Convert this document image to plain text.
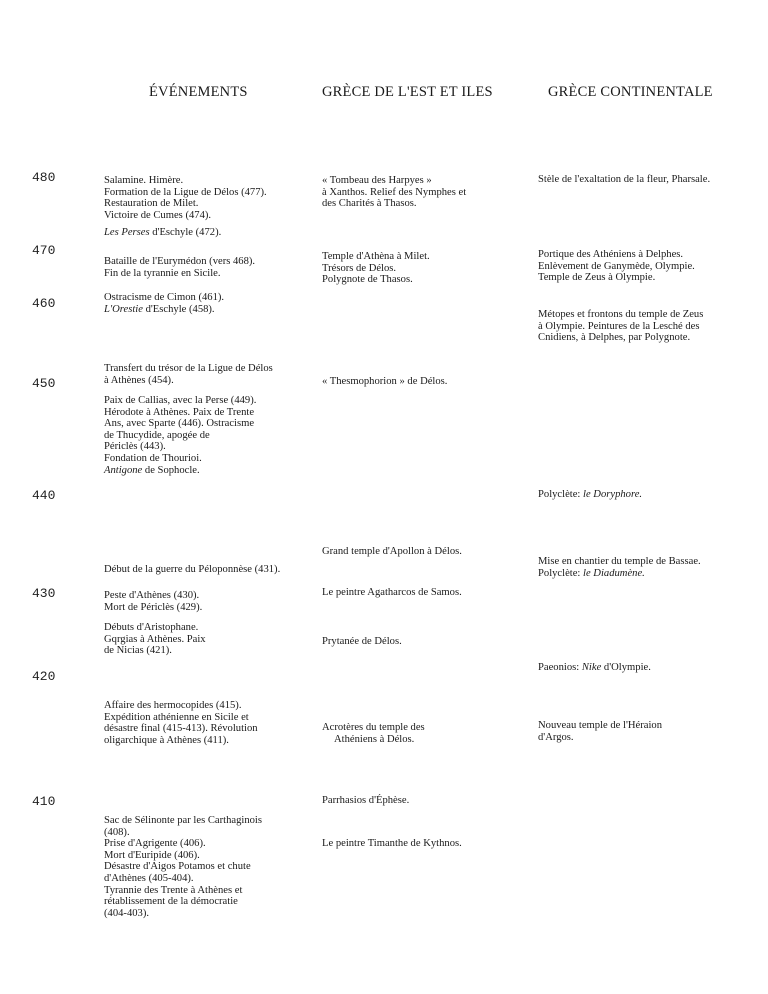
ÉVÉNEMENTS	GRÈCE DE L'EST ET ILES	GRÈCE CONTINENTALE
480
470
460
450
440
430
420
410
Salamine. Himère.
Formation de la Ligue de Délos (477).
Restauration de Milet.
Victoire de Cumes (474).
Les Perses d'Eschyle (472).
Bataille de l'Eurymédon (vers 468).
Fin de la tyrannie en Sicile.
Ostracisme de Cimon (461).
L'Orestie d'Eschyle (458).
Transfert du trésor de la Ligue de Délos
à Athènes (454).
Paix de Callias, avec la Perse (449).
Hérodote à Athènes. Paix de Trente
Ans, avec Sparte (446). Ostracisme
de Thucydide, apogée de
Périclès (443).
Fondation de Thourioi.
Antigone de Sophocle.
Début de la guerre du Péloponnèse (431).
Peste d'Athènes (430).
Mort de Périclès (429).
Débuts d'Aristophane.
Gqrgias à Athènes. Paix
de Nicias (421).
Affaire des hermocopides (415).
Expédition athénienne en Sicile et
désastre final (415-413). Révolution
oligarchique à Athènes (411).
Sac de Sélinonte par les Carthaginois
(408).
Prise d'Agrigente (406).
Mort d'Euripide (406).
Désastre d'Aigos Potamos et chute
d'Athènes (405-404).
Tyrannie des Trente à Athènes et
rétablissement de la démocratie
(404-403).
« Tombeau des Harpyes »
à Xanthos. Relief des Nymphes et
des Charités à Thasos.
Temple d'Athèna à Milet.
Trésors de Délos.
Polygnote de Thasos.
« Thesmophorion » de Délos.
Grand temple d'Apollon à Délos.
Le peintre Agatharcos de Samos.
Prytanée de Délos.
Acrotères du temple des
Athéniens à Délos.
Parrhasios d'Éphèse.
Le peintre Timanthe de Kythnos.
Stèle de l'exaltation de la fleur, Pharsale.
Portique des Athéniens à Delphes.
Enlèvement de Ganymède, Olympie.
Temple de Zeus à Olympie.
Métopes et frontons du temple de Zeus
à Olympie. Peintures de la Lesché des
Cnidiens, à Delphes, par Polygnote.
Polyclète: le Doryphore.
Mise en chantier du temple de Bassae.
Polyclète: le Diadumène.
Paeonios: Nike d'Olympie.
Nouveau temple de l'Héraion
d'Argos.
